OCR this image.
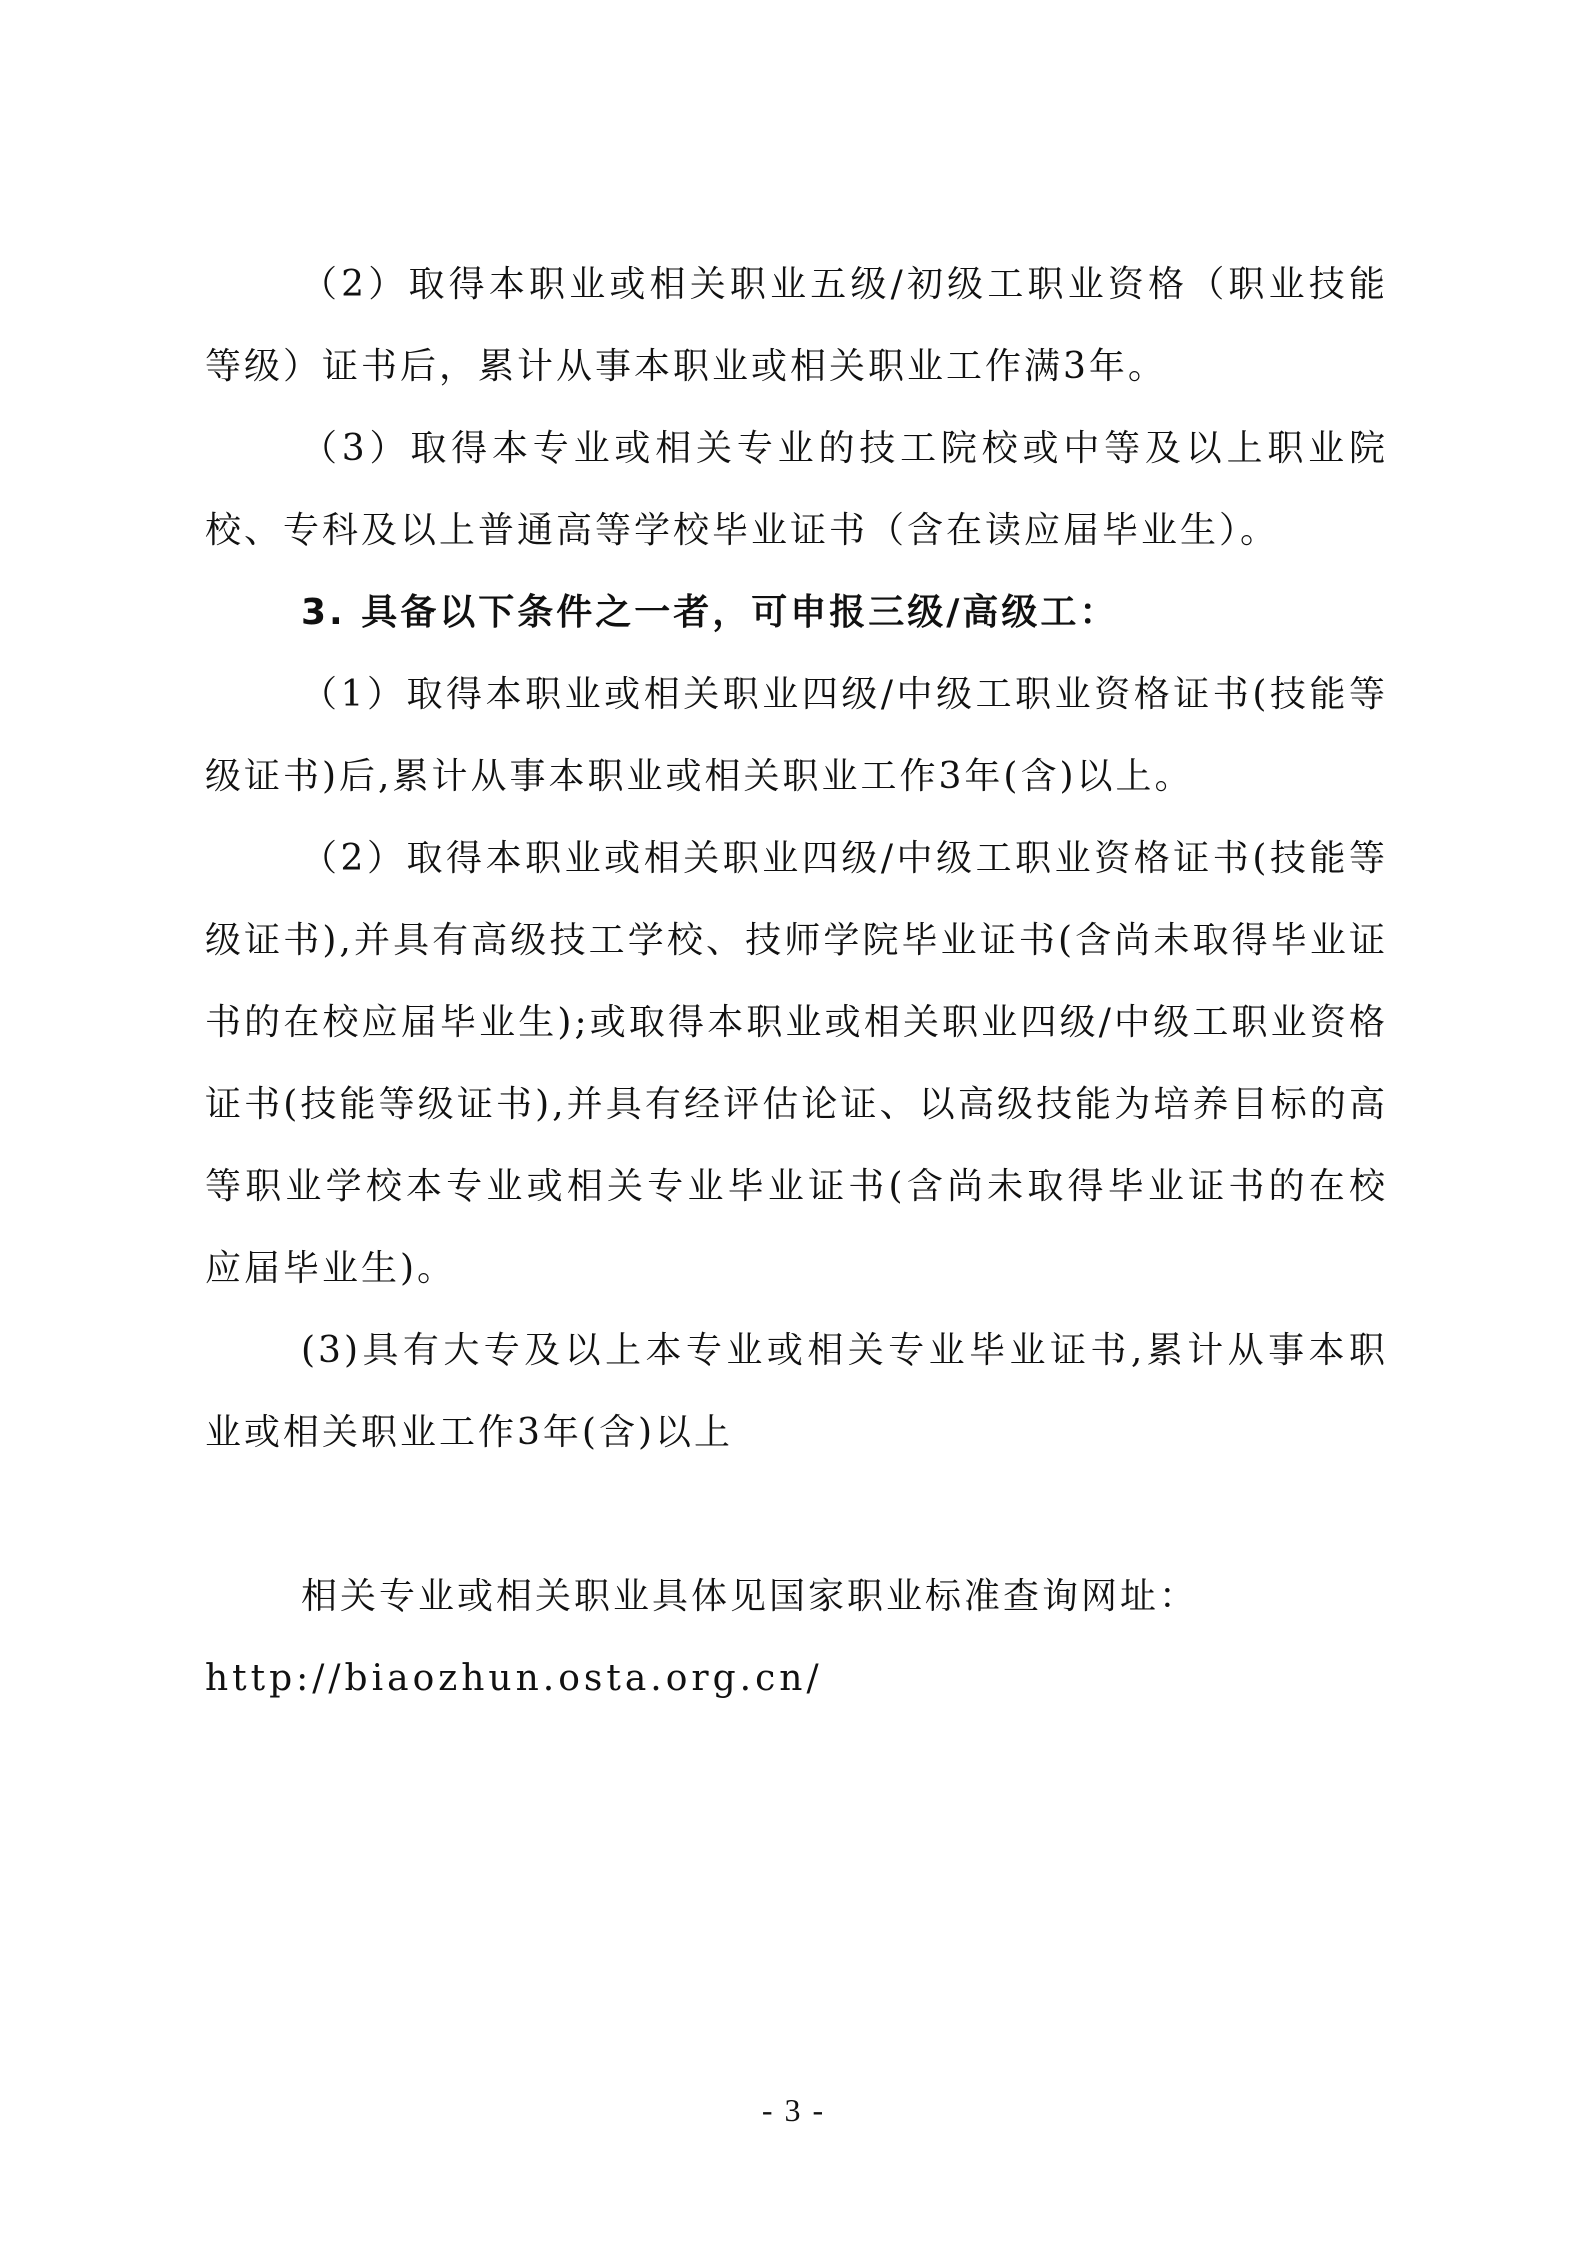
（2）取得本职业或相关职业五级/初级工职业资格（职业技能等级）证书后，累计从事本职业或相关职业工作满3年。

（3）取得本专业或相关专业的技工院校或中等及以上职业院校、专科及以上普通高等学校毕业证书（含在读应届毕业生）。

3. 具备以下条件之一者，可申报三级/高级工：

（1）取得本职业或相关职业四级/中级工职业资格证书(技能等级证书)后,累计从事本职业或相关职业工作3年(含)以上。

（2）取得本职业或相关职业四级/中级工职业资格证书(技能等级证书),并具有高级技工学校、技师学院毕业证书(含尚未取得毕业证书的在校应届毕业生);或取得本职业或相关职业四级/中级工职业资格证书(技能等级证书),并具有经评估论证、以高级技能为培养目标的高等职业学校本专业或相关专业毕业证书(含尚未取得毕业证书的在校应届毕业生)。

(3)具有大专及以上本专业或相关专业毕业证书,累计从事本职业或相关职业工作3年(含)以上

相关专业或相关职业具体见国家职业标准查询网址：

http://biaozhun.osta.org.cn/

- 3 -
